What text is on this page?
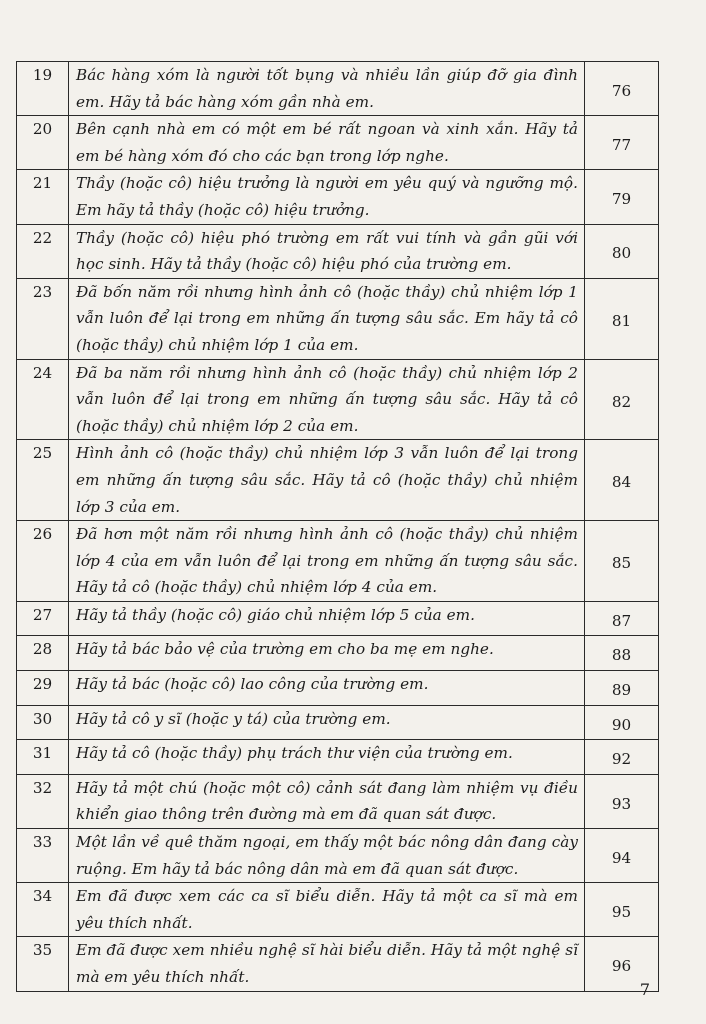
19	Bác hàng xóm là người tốt bụng và nhiều lần giúp đỡ gia đình em. Hãy tả bác hàng xóm gần nhà em.	76
20	Bên cạnh nhà em có một em bé rất ngoan và xinh xắn. Hãy tả em bé hàng xóm đó cho các bạn trong lớp nghe.	77
21	Thầy (hoặc cô) hiệu trưởng là người em yêu quý và ngưỡng mộ. Em hãy tả thầy (hoặc cô) hiệu trưởng.	79
22	Thầy (hoặc cô) hiệu phó trường em rất vui tính và gần gũi với học sinh. Hãy tả thầy (hoặc cô) hiệu phó của trường em.	80
23	Đã bốn năm rồi nhưng hình ảnh cô (hoặc thầy) chủ nhiệm lớp 1 vẫn luôn để lại trong em những ấn tượng sâu sắc. Em hãy tả cô (hoặc thầy) chủ nhiệm lớp 1 của em.	81
24	Đã ba năm rồi nhưng hình ảnh cô (hoặc thầy) chủ nhiệm lớp 2 vẫn luôn để lại trong em những ấn tượng sâu sắc. Hãy tả cô (hoặc thầy) chủ nhiệm lớp 2 của em.	82
25	Hình ảnh cô (hoặc thầy) chủ nhiệm lớp 3 vẫn luôn để lại trong em những ấn tượng sâu sắc. Hãy tả cô (hoặc thầy) chủ nhiệm lớp 3 của em.	84
26	Đã hơn một năm rồi nhưng hình ảnh cô (hoặc thầy) chủ nhiệm lớp 4 của em vẫn luôn để lại trong em những ấn tượng sâu sắc. Hãy tả cô (hoặc thầy) chủ nhiệm lớp 4 của em.	85
27	Hãy tả thầy (hoặc cô) giáo chủ nhiệm lớp 5 của em.	87
28	Hãy tả bác bảo vệ của trường em cho ba mẹ em nghe.	88
29	Hãy tả bác (hoặc cô) lao công của trường em.	89
30	Hãy tả cô y sĩ (hoặc y tá) của trường em.	90
31	Hãy tả cô (hoặc thầy) phụ trách thư viện của trường em.	92
32	Hãy tả một chú (hoặc một cô) cảnh sát đang làm nhiệm vụ điều khiển giao thông trên đường mà em đã quan sát được.	93
33	Một lần về quê thăm ngoại, em thấy một bác nông dân đang cày ruộng. Em hãy tả bác nông dân mà em đã quan sát được.	94
34	Em đã được xem các ca sĩ biểu diễn. Hãy tả một ca sĩ mà em yêu thích nhất.	95
35	Em đã được xem nhiều nghệ sĩ hài biểu diễn. Hãy tả một nghệ sĩ mà em yêu thích nhất.	96
7
